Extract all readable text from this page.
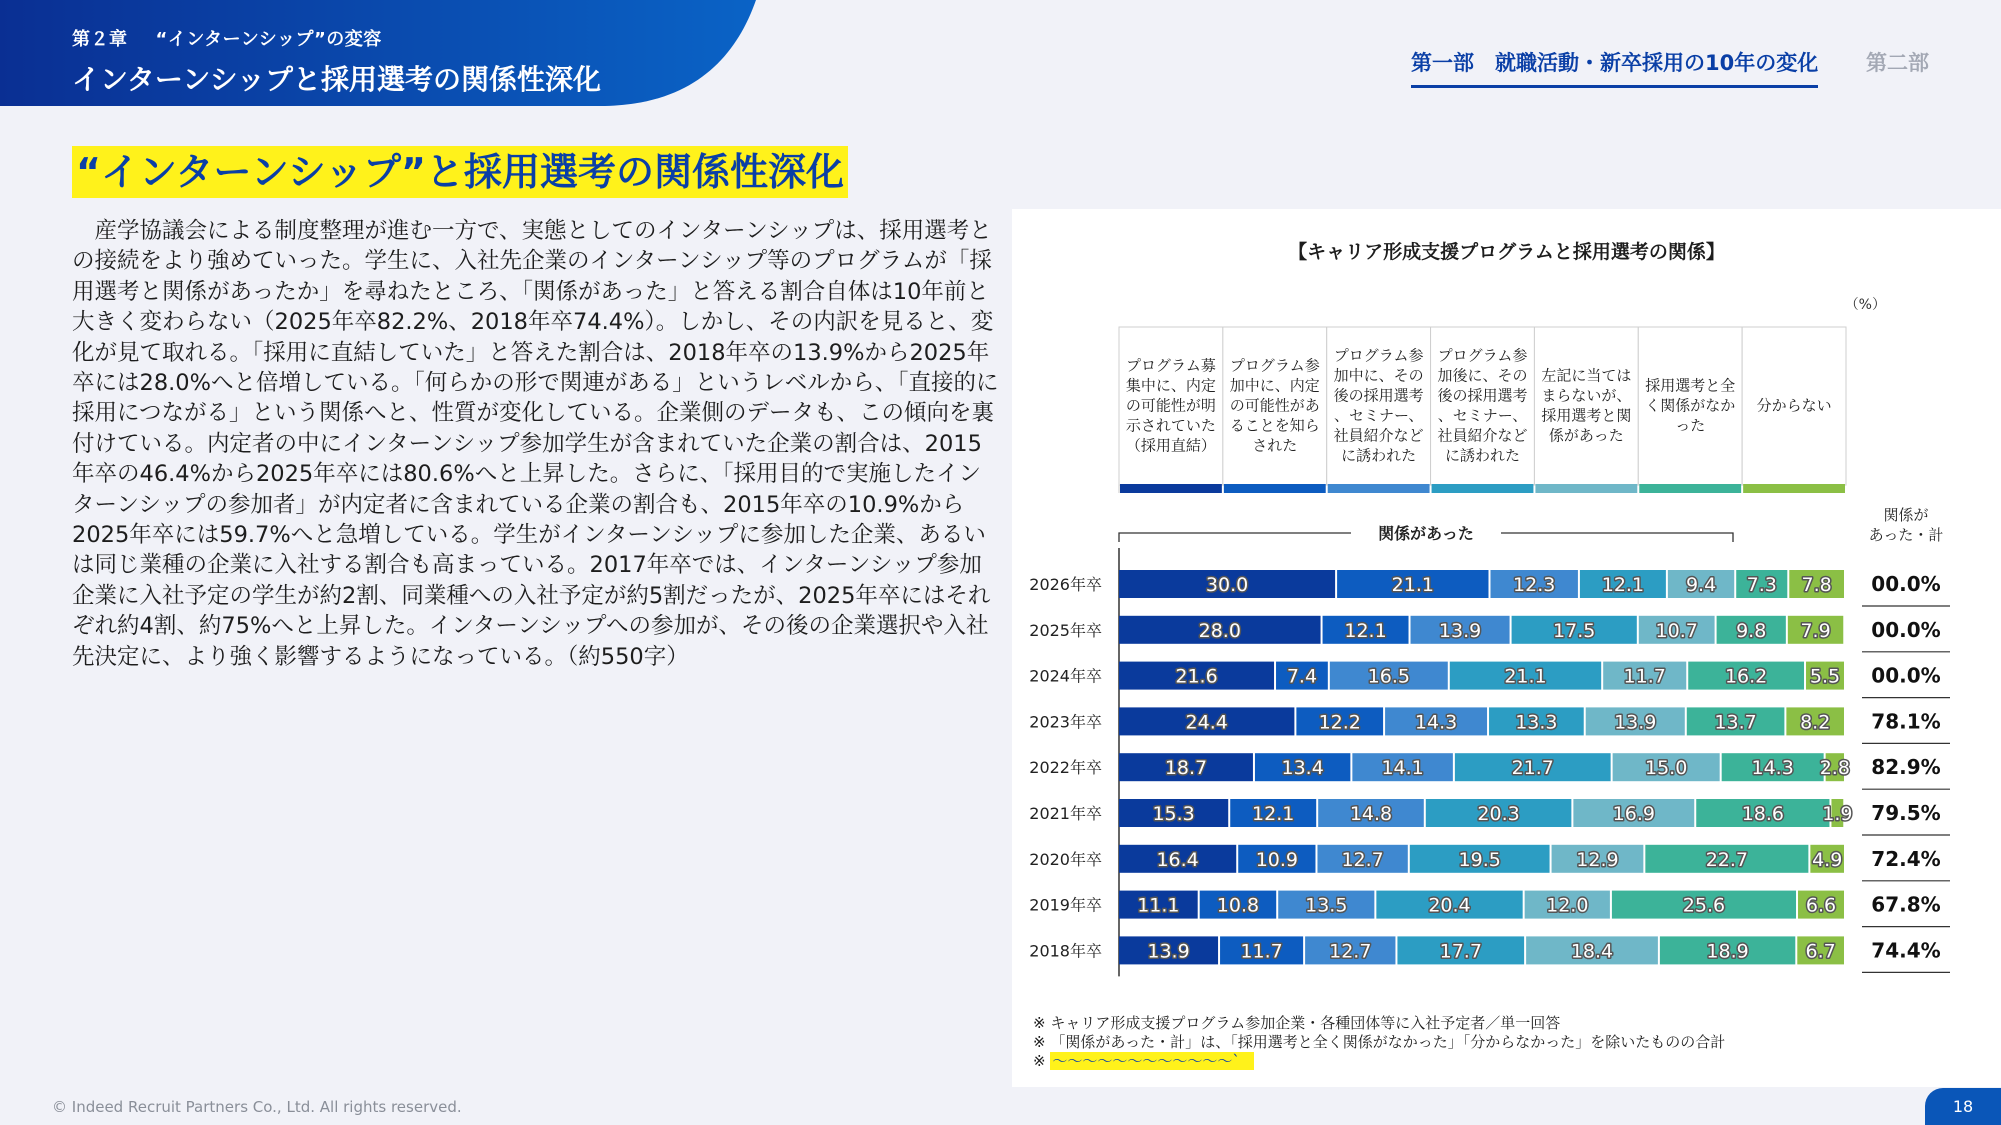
第２章 “インターンシップ”の変容
インターンシップと採用選考の関係性深化	第一部　就職活動・新卒採用の10年の変化 第二部
“インターンシップ”と採用選考の関係性深化
　産学協議会による制度整理が進む一方で、実態としてのインターンシップは、採用選考との接続をより強めていった。学生に、入社先企業のインターンシップ等のプログラムが「採用選考と関係があったか」を尋ねたところ、「関係があった」と答える割合自体は10年前と大きく変わらない（2025年卒82.2%、2018年卒74.4%）。しかし、その内訳を見ると、変化が見て取れる。「採用に直結していた」と答えた割合は、2018年卒の13.9%から2025年卒には28.0%へと倍増している。「何らかの形で関連がある」というレベルから、「直接的に採用につながる」という関係へと、性質が変化している。企業側のデータも、この傾向を裏付けている。内定者の中にインターンシップ参加学生が含まれていた企業の割合は、2015年卒の46.4%から2025年卒には80.6%へと上昇した。さらに、「採用目的で実施したインターンシップの参加者」が内定者に含まれている企業の割合も、2015年卒の10.9%から2025年卒には59.7%へと急増している。学生がインターンシップに参加した企業、あるいは同じ業種の企業に入社する割合も高まっている。2017年卒では、インターンシップ参加企業に入社予定の学生が約2割、同業種への入社予定が約5割だったが、2025年卒にはそれぞれ約4割、約75%へと上昇した。インターンシップへの参加が、その後の企業選択や入社先決定に、より強く影響するようになっている。（約550字）
【キャリア形成支援プログラムと採用選考の関係】
（%）
プログラム募集中に、内定の可能性が明示されていた（採用直結）
プログラム参加中に、内定の可能性があることを知らされた
プログラム参加中に、その後の採用選考、セミナー、社員紹介などに誘われた
プログラム参加後に、その後の採用選考、セミナー、社員紹介などに誘われた
左記に当てはまらないが、採用選考と関係があった
採用選考と全く関係がなかった
分からない
関係があった
関係が
あった・計
2026年卒	30.0	21.1	12.3 12.1 9.4 7.3 7.8 00.0%
2025年卒	28.0	12.1	13.9	17.5	10.7 9.8 7.9 00.0%
2024年卒	21.6	7.4	16.5	21.1	11.7	16.2 5.5 00.0%
2023年卒	24.4	12.2	14.3	13.3	13.9	13.7 8.2 78.1%
2022年卒	18.7	13.4	14.1	21.7	15.0	14.3 2.8 82.9%
2021年卒	15.3	12.1	14.8	20.3	16.9	18.6 1.9 79.5%
2020年卒	16.4	10.9 12.7	19.5	12.9	22.7	4.9 72.4%
2019年卒 11.1 10.8 13.5	20.4	12.0	25.6	6.6 67.8%
2018年卒 13.9	11.7 12.7	17.7	18.4	18.9	6.7 74.4%
※ キャリア形成支援プログラム参加企業・各種団体等に入社予定者／単一回答
※ 「関係があった・計」は、「採用選考と全く関係がなかった」「分からなかった」を除いたものの合計
※ 〜〜〜〜〜〜〜〜〜〜〜〜`
© Indeed Recruit Partners Co., Ltd. All rights reserved.	18
